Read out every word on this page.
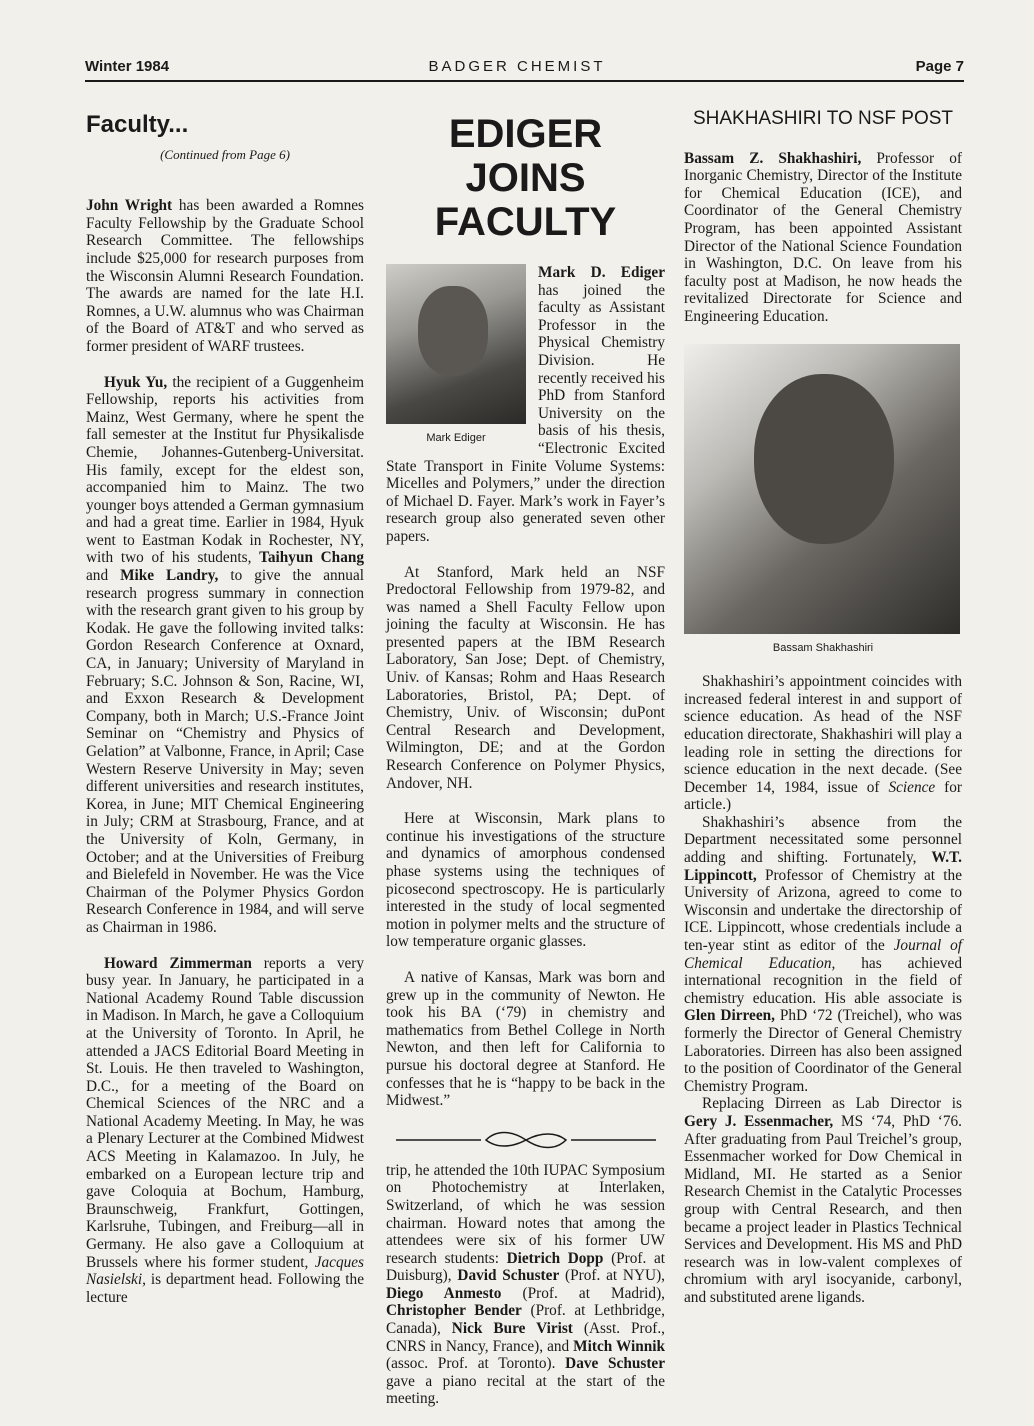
Winter 1984	BADGER CHEMIST	Page 7
Faculty...

(Continued from Page 6)

John Wright has been awarded a Romnes Faculty Fellowship by the Graduate School Research Committee. The fellowships include $25,000 for research purposes from the Wisconsin Alumni Research Foundation. The awards are named for the late H.I. Romnes, a U.W. alumnus who was Chairman of the Board of AT&T and who served as former president of WARF trustees.

Hyuk Yu, the recipient of a Guggenheim Fellowship, reports his activities from Mainz, West Germany, where he spent the fall semester at the Institut fur Physikalisde Chemie, Johannes-Gutenberg-Universitat. His family, except for the eldest son, accompanied him to Mainz. The two younger boys attended a German gymnasium and had a great time. Earlier in 1984, Hyuk went to Eastman Kodak in Rochester, NY, with two of his students, Taihyun Chang and Mike Landry, to give the annual research progress summary in connection with the research grant given to his group by Kodak. He gave the following invited talks: Gordon Research Conference at Oxnard, CA, in January; University of Maryland in February; S.C. Johnson & Son, Racine, WI, and Exxon Research & Development Company, both in March; U.S.-France Joint Seminar on “Chemistry and Physics of Gelation” at Valbonne, France, in April; Case Western Reserve University in May; seven different universities and research institutes, Korea, in June; MIT Chemical Engineering in July; CRM at Strasbourg, France, and at the University of Koln, Germany, in October; and at the Universities of Freiburg and Bielefeld in November. He was the Vice Chairman of the Polymer Physics Gordon Research Conference in 1984, and will serve as Chairman in 1986.

Howard Zimmerman reports a very busy year. In January, he participated in a National Academy Round Table discussion in Madison. In March, he gave a Colloquium at the University of Toronto. In April, he attended a JACS Editorial Board Meeting in St. Louis. He then traveled to Washington, D.C., for a meeting of the Board on Chemical Sciences of the NRC and a National Academy Meeting. In May, he was a Plenary Lecturer at the Combined Midwest ACS Meeting in Kalamazoo. In July, he embarked on a European lecture trip and gave Coloquia at Bochum, Hamburg, Braunschweig, Frankfurt, Gottingen, Karlsruhe, Tubingen, and Freiburg—all in Germany. He also gave a Colloquium at Brussels where his former student, Jacques Nasielski, is department head. Following the lecture

EDIGER JOINS
FACULTY
Mark Ediger

Mark D. Ediger has joined the faculty as Assistant Professor in the Physical Chemistry Division. He recently received his PhD from Stanford University on the basis of his thesis, “Electronic Excited State Transport in Finite Volume Systems: Micelles and Polymers,” under the direction of Michael D. Fayer. Mark’s work in Fayer’s research group also generated seven other papers.

At Stanford, Mark held an NSF Predoctoral Fellowship from 1979-82, and was named a Shell Faculty Fellow upon joining the faculty at Wisconsin. He has presented papers at the IBM Research Laboratory, San Jose; Dept. of Chemistry, Univ. of Kansas; Rohm and Haas Research Laboratories, Bristol, PA; Dept. of Chemistry, Univ. of Wisconsin; duPont Central Research and Development, Wilmington, DE; and at the Gordon Research Conference on Polymer Physics, Andover, NH.

Here at Wisconsin, Mark plans to continue his investigations of the structure and dynamics of amorphous condensed phase systems using the techniques of picosecond spectroscopy. He is particularly interested in the study of local segmented motion in polymer melts and the structure of low temperature organic glasses.

A native of Kansas, Mark was born and grew up in the community of Newton. He took his BA (‘79) in chemistry and mathematics from Bethel College in North Newton, and then left for California to pursue his doctoral degree at Stanford. He confesses that he is “happy to be back in the Midwest.”

trip, he attended the 10th IUPAC Symposium on Photochemistry at Interlaken, Switzerland, of which he was session chairman. Howard notes that among the attendees were six of his former UW research students: Dietrich Dopp (Prof. at Duisburg), David Schuster (Prof. at NYU), Diego Anmesto (Prof. at Madrid), Christopher Bender (Prof. at Lethbridge, Canada), Nick Bure Virist (Asst. Prof., CNRS in Nancy, France), and Mitch Winnik (assoc. Prof. at Toronto). Dave Schuster gave a piano recital at the start of the meeting.

SHAKHASHIRI TO NSF POST

Bassam Z. Shakhashiri, Professor of Inorganic Chemistry, Director of the Institute for Chemical Education (ICE), and Coordinator of the General Chemistry Program, has been appointed Assistant Director of the National Science Foundation in Washington, D.C. On leave from his faculty post at Madison, he now heads the revitalized Directorate for Science and Engineering Education.

Bassam Shakhashiri

Shakhashiri’s appointment coincides with increased federal interest in and support of science education. As head of the NSF education directorate, Shakhashiri will play a leading role in setting the directions for science education in the next decade. (See December 14, 1984, issue of Science for article.)

Shakhashiri’s absence from the Department necessitated some personnel adding and shifting. Fortunately, W.T. Lippincott, Professor of Chemistry at the University of Arizona, agreed to come to Wisconsin and undertake the directorship of ICE. Lippincott, whose credentials include a ten-year stint as editor of the Journal of Chemical Education, has achieved international recognition in the field of chemistry education. His able associate is Glen Dirreen, PhD ‘72 (Treichel), who was formerly the Director of General Chemistry Laboratories. Dirreen has also been assigned to the position of Coordinator of the General Chemistry Program.

Replacing Dirreen as Lab Director is Gery J. Essenmacher, MS ‘74, PhD ‘76. After graduating from Paul Treichel’s group, Essenmacher worked for Dow Chemical in Midland, MI. He started as a Senior Research Chemist in the Catalytic Processes group with Central Research, and then became a project leader in Plastics Technical Services and Development. His MS and PhD research was in low-valent complexes of chromium with aryl isocyanide, carbonyl, and substituted arene ligands.
